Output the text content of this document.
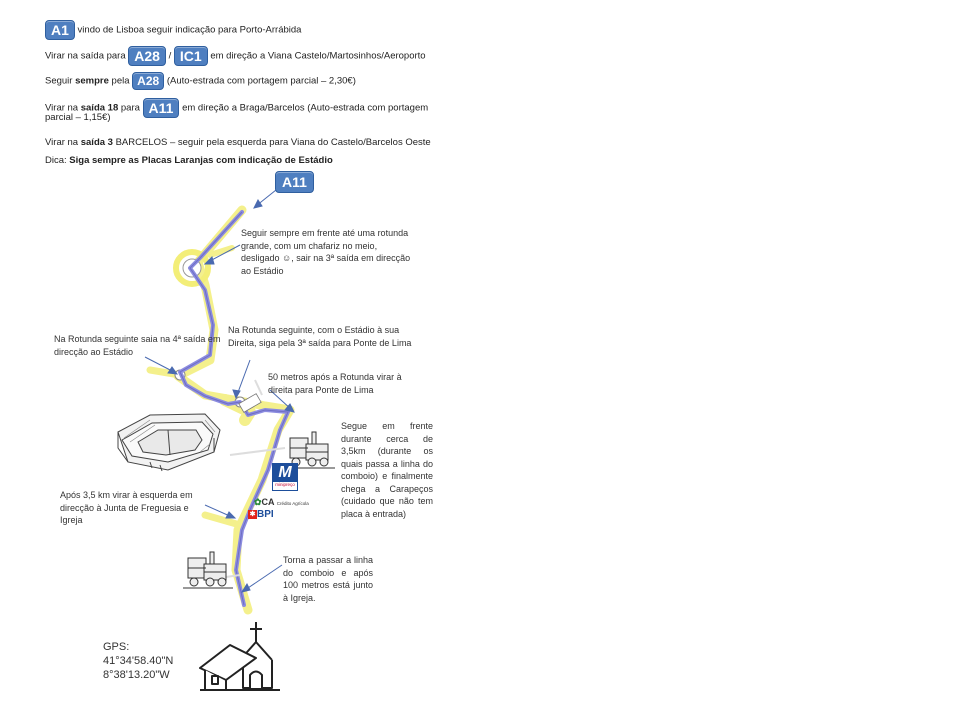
A1 vindo de Lisboa seguir indicação para Porto-Arrábida
Virar na saída para A28 / IC1 em direção a Viana Castelo/Martosinhos/Aeroporto
Seguir sempre pela A28 (Auto-estrada com portagem parcial – 2,30€)
Virar na saída 18 para A11 em direção a Braga/Barcelos (Auto-estrada com portagem
parcial – 1,15€)
Virar na saída 3 BARCELOS – seguir pela esquerda para Viana do Castelo/Barcelos Oeste
Dica: Siga sempre as Placas Laranjas com indicação de Estádio
A11
Seguir sempre em frente até uma rotunda grande, com um chafariz no meio, desligado ☺, sair na 3ª saída em direcção ao Estádio
Na Rotunda seguinte saia na 4ª saída em direcção ao Estádio
Na Rotunda seguinte, com o Estádio à sua Direita, siga pela 3ª saída para Ponte de Lima
50 metros após a Rotunda virar à direita para Ponte de Lima
Segue em frente durante cerca de 3,5km (durante os quais passa a linha do comboio) e finalmente chega a Carapeços (cuidado que não tem placa à entrada)
Após 3,5 km virar à esquerda em direcção à Junta de Freguesia e Igreja
Torna a passar a linha do comboio e após 100 metros está junto à Igreja.
M
minipreço
✿CA Crédito Agrícola
✱ BPI
GPS:
41°34'58.40"N
8°38'13.20"W
